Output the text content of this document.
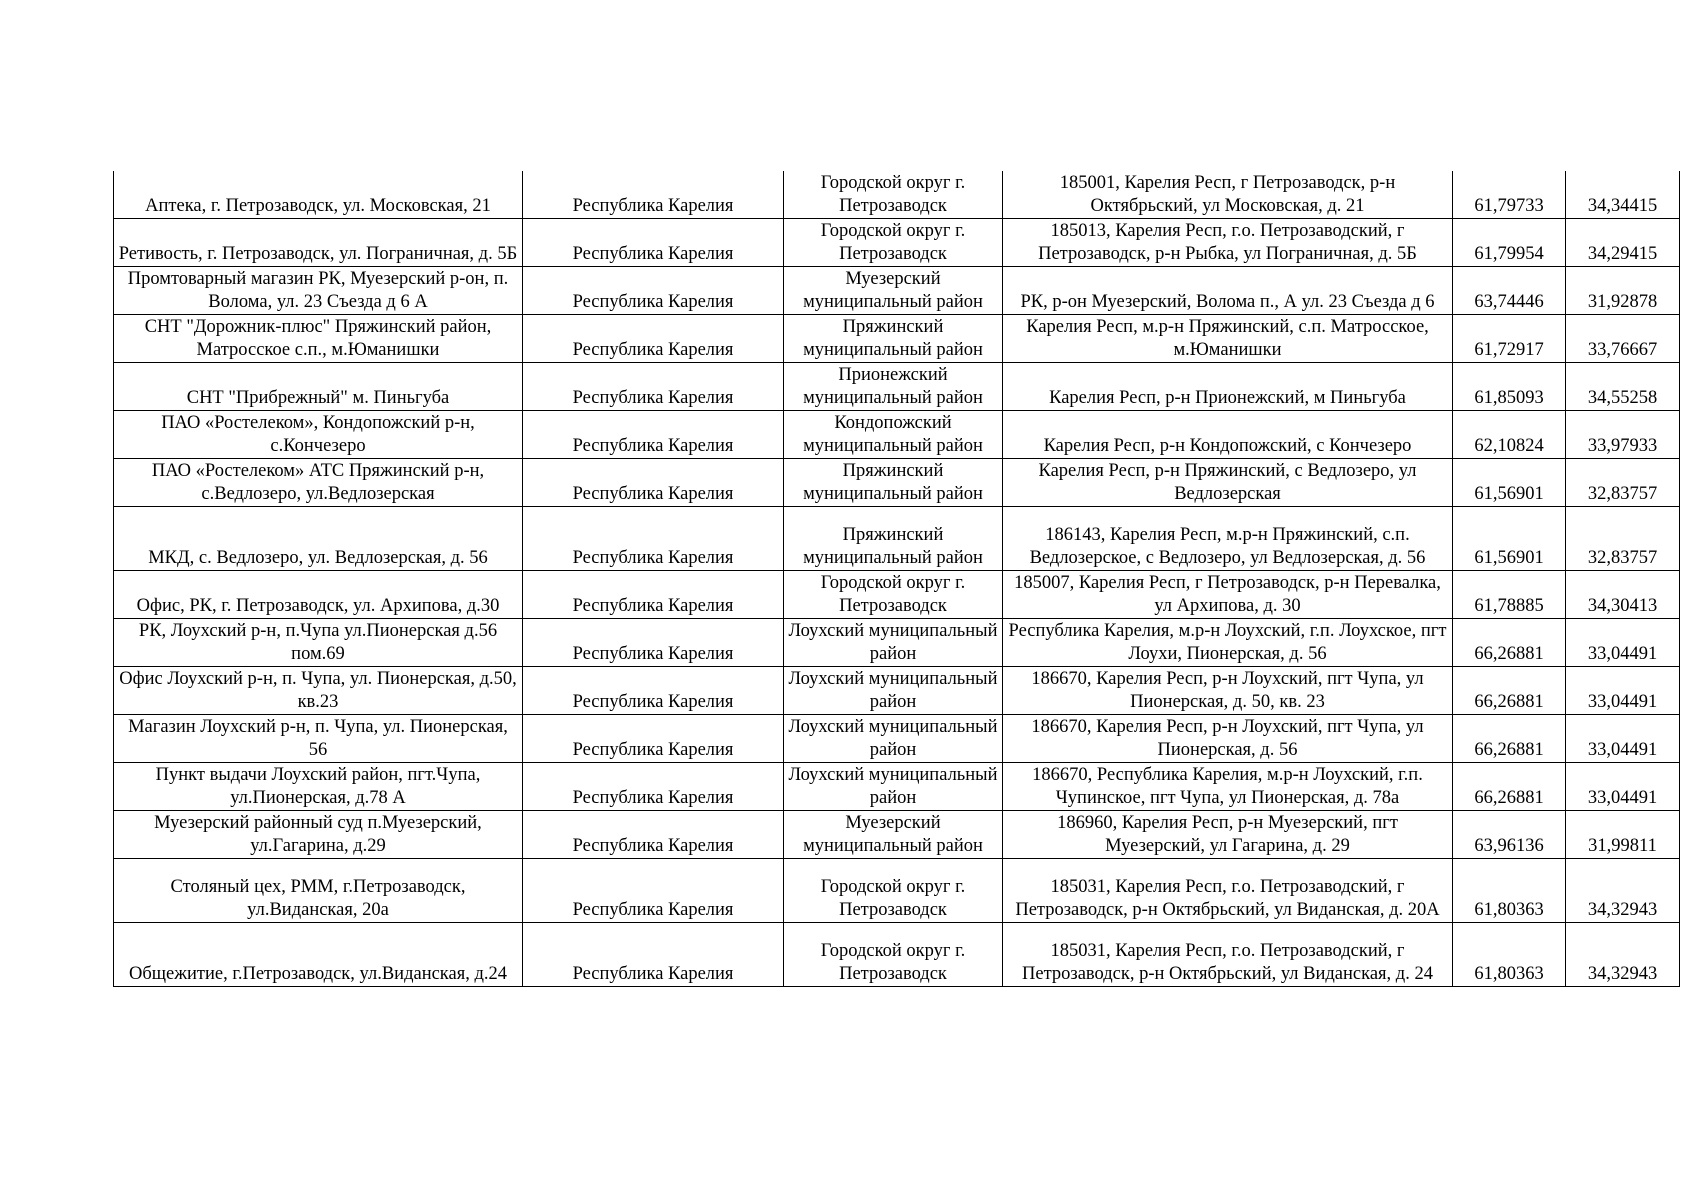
Аптека, г. Петрозаводск, ул. Московская, 21	Республика Карелия	Городской округ г. Петрозаводск	185001, Карелия Респ, г Петрозаводск, р-н Октябрьский, ул Московская, д. 21	61,79733	34,34415
Ретивость, г. Петрозаводск, ул. Пограничная, д. 5Б	Республика Карелия	Городской округ г. Петрозаводск	185013, Карелия Респ, г.о. Петрозаводский, г Петрозаводск, р-н Рыбка, ул Пограничная, д. 5Б	61,79954	34,29415
Промтоварный магазин РК, Муезерский р-он, п. Волома, ул. 23 Съезда д 6 А	Республика Карелия	Муезерский муниципальный район	РК, р-он Муезерский, Волома п., А ул. 23 Съезда д 6	63,74446	31,92878
СНТ "Дорожник-плюс" Пряжинский район, Матросское с.п., м.Юманишки	Республика Карелия	Пряжинский муниципальный район	Карелия Респ, м.р-н Пряжинский, с.п. Матросское, м.Юманишки	61,72917	33,76667
СНТ "Прибрежный" м. Пиньгуба	Республика Карелия	Прионежский муниципальный район	Карелия Респ, р-н Прионежский, м Пиньгуба	61,85093	34,55258
ПАО «Ростелеком», Кондопожский р-н, с.Кончезеро	Республика Карелия	Кондопожский муниципальный район	Карелия Респ, р-н Кондопожский, с Кончезеро	62,10824	33,97933
ПАО «Ростелеком» АТС Пряжинский р-н, с.Ведлозеро, ул.Ведлозерская	Республика Карелия	Пряжинский муниципальный район	Карелия Респ, р-н Пряжинский, с Ведлозеро, ул Ведлозерская	61,56901	32,83757
МКД, с. Ведлозеро, ул. Ведлозерская, д. 56	Республика Карелия	Пряжинский муниципальный район	186143, Карелия Респ, м.р-н Пряжинский, с.п. Ведлозерское, с Ведлозеро, ул Ведлозерская, д. 56	61,56901	32,83757
Офис, РК, г. Петрозаводск, ул. Архипова, д.30	Республика Карелия	Городской округ г. Петрозаводск	185007, Карелия Респ, г Петрозаводск, р-н Перевалка, ул Архипова, д. 30	61,78885	34,30413
РК, Лоухский р-н, п.Чупа ул.Пионерская д.56 пом.69	Республика Карелия	Лоухский муниципальный район	Республика Карелия, м.р-н Лоухский, г.п. Лоухское, пгт Лоухи, Пионерская, д. 56	66,26881	33,04491
Офис Лоухский р-н, п. Чупа, ул. Пионерская, д.50, кв.23	Республика Карелия	Лоухский муниципальный район	186670, Карелия Респ, р-н Лоухский, пгт Чупа, ул Пионерская, д. 50, кв. 23	66,26881	33,04491
Магазин Лоухский р-н, п. Чупа, ул. Пионерская, 56	Республика Карелия	Лоухский муниципальный район	186670, Карелия Респ, р-н Лоухский, пгт Чупа, ул Пионерская, д. 56	66,26881	33,04491
Пункт выдачи Лоухский район, пгт.Чупа, ул.Пионерская, д.78 А	Республика Карелия	Лоухский муниципальный район	186670, Республика Карелия, м.р-н Лоухский, г.п. Чупинское, пгт Чупа, ул Пионерская, д. 78а	66,26881	33,04491
Муезерский районный суд п.Муезерский, ул.Гагарина, д.29	Республика Карелия	Муезерский муниципальный район	186960, Карелия Респ, р-н Муезерский, пгт Муезерский, ул Гагарина, д. 29	63,96136	31,99811
Столяный цех, РММ, г.Петрозаводск, ул.Виданская, 20а	Республика Карелия	Городской округ г. Петрозаводск	185031, Карелия Респ, г.о. Петрозаводский, г Петрозаводск, р-н Октябрьский, ул Виданская, д. 20А	61,80363	34,32943
Общежитие, г.Петрозаводск, ул.Виданская, д.24	Республика Карелия	Городской округ г. Петрозаводск	185031, Карелия Респ, г.о. Петрозаводский, г Петрозаводск, р-н Октябрьский, ул Виданская, д. 24	61,80363	34,32943
